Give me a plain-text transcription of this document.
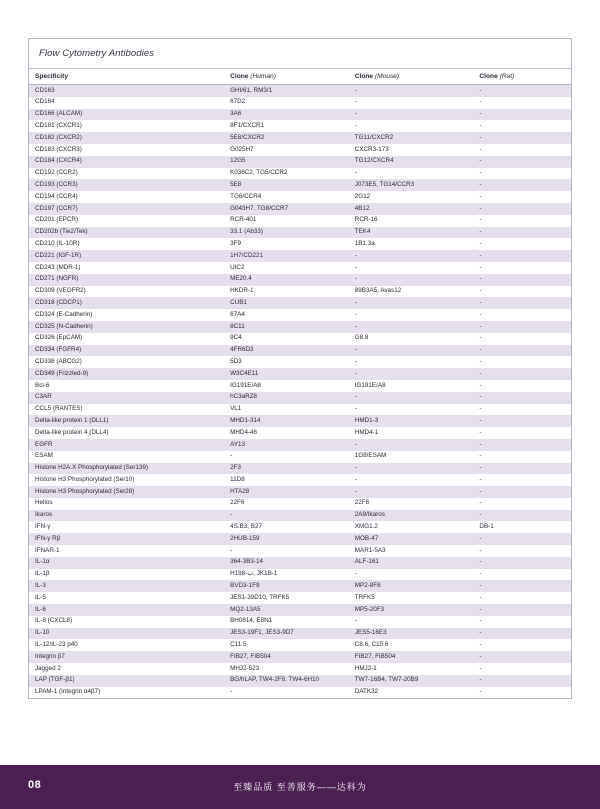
Flow Cytometry Antibodies
Specificity	Clone (Human)	Clone (Mouse)	Clone (Rat)
CD163	GHI/61, RM3/1	-	-
CD164	67D2	-	-
CD166 (ALCAM)	3A6	-	-
CD181 (CXCR1)	8F1/CXCR1	-	-
CD182 (CXCR2)	5E8/CXCR2	TG11/CXCR2	-
CD183 (CXCR3)	G025H7	CXCR3-173	-
CD184 (CXCR4)	12G5	TG12/CXCR4	-
CD192 (CCR2)	K036C2, TG5/CCR2	-	-
CD193 (CCR3)	5E8	J073E5, TG14/CCR3	-
CD194 (CCR4)	TG6/CCR4	2G12	-
CD197 (CCR7)	G043H7, TG8/CCR7	4B12	-
CD201 (EPCR)	RCR-401	RCR-16	-
CD202b (Tie2/Tek)	33.1 (Ab33)	TEK4	-
CD210 (IL-10R)	3F9	1B1.3a	-
CD221 (IGF-1R)	1H7/CD221	-	-
CD243 (MDR-1)	UIC2	-	-
CD271 (NGFR)	ME20.4	-	-
CD309 (VEGFR2)	HKDR-1	89B3A5, Avas12	-
CD318 (CDCP1)	CUB1	-	-
CD324 (E-Cadherin)	67A4	-	-
CD325 (N-Cadherin)	8C11	-	-
CD326 (EpCAM)	9C4	G8.8	-
CD334 (FGFR4)	4FR6D3	-	-
CD338 (ABCG2)	5D3	-	-
CD349 (Frizzled-9)	W3C4E11	-	-
Bcl-6	IG191E/A8	IG191E/A8	-
C3AR	hC3aRZ8	-	-
CCL5 (RANTES)	VL1	-	-
Delta-like protein 1 (DLL1)	MHD1-314	HMD1-3	-
Delta-like protein 4 (DLL4)	MHD4-46	HMD4-1	-
EGFR	AY13	-	-
ESAM	-	1G8/ESAM	-
Histone H2A.X Phosphorylated (Ser139)	2F3	-	-
Histone H3 Phosphorylated (Ser10)	11D8	-	-
Histone H3 Phosphorylated (Ser28)	HTA28	-	-
Helios	22F6	22F6	-
Ikaros	-	2A9/Ikaros	-
IFN-γ	4S.B3, B27	XMG1.2	DB-1
IFN-γ Rβ	2HUB-159	MOB-47	-
IFNAR-1	-	MAR1-5A3	-
IL-1α	364-3B3-14	ALF-161	-
IL-1β	H1ب-98, JK1B-1	-	-
IL-3	BVD3-1F9	MP2-8F8	-
IL-5	JES1-39D10, TRFK5	TRFK5	-
IL-6	MQ2-13A5	MP5-20F3	-
IL-8 (CXCL8)	BH0814, E8N1	-	-
IL-10	JES3-19F1, JES3-9D7	JES5-16E3	-
IL-12/IL-23 p40	C11.5	C8.6, C15.6	-
Integrin β7	FIB27, FIB504	FIB27, FIB504	-
Jagged 2	MHJ2-523	HMJ2-1	-
LAP (TGF-β1)	BG/hLAP, TW4-2F8, TW4-6H10	TW7-16B4, TW7-20B9	-
LPAM-1 (Integrin α4β7)	-	DATK32	-
08	至臻品质 至善服务——达科为
